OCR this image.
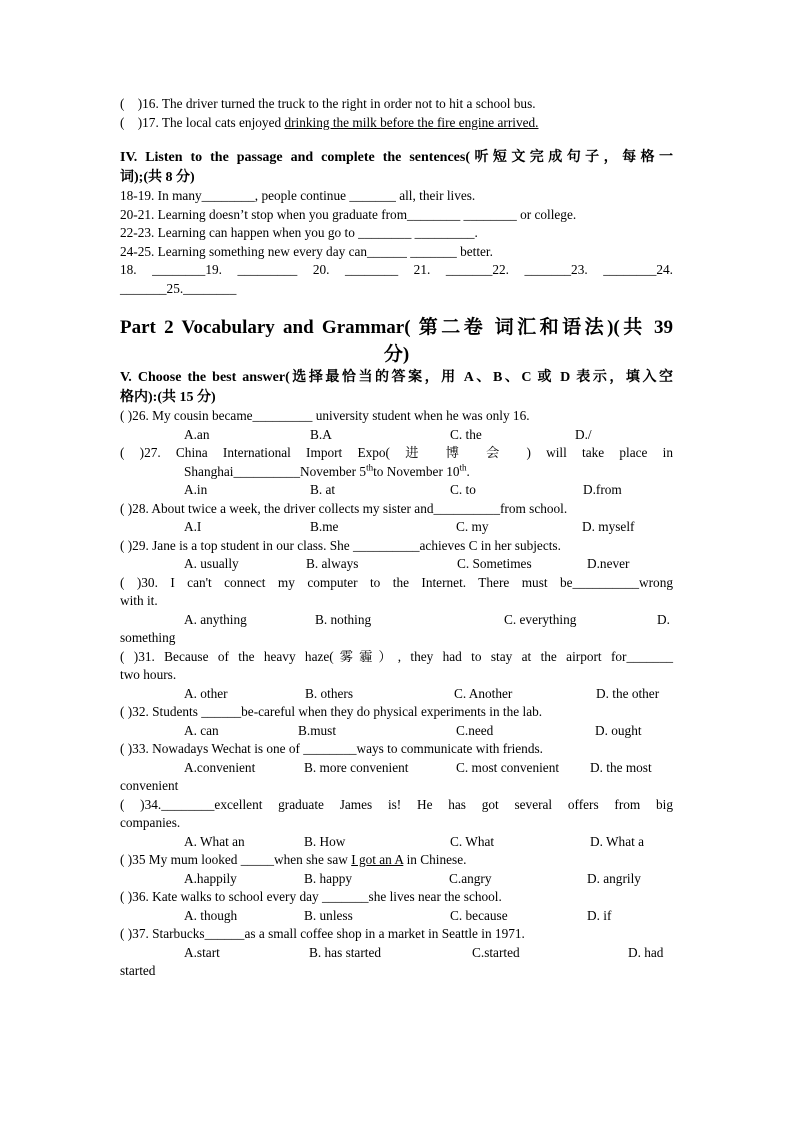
(    )16. The driver turned the truck to the right in order not to hit a school bus.
(    )17. The local cats enjoyed drinking the milk before the fire engine arrived.
IV. Listen to the passage and complete the sentences(听短文完成句子，每格一
词);(共 8 分)
18-19. In many________, people continue _______ all, their lives.
20-21. Learning doesn’t stop when you graduate from________ ________ or college.
22-23. Learning can happen when you go to ________ _________.
24-25. Learning something new every day can______ _______ better.
18. ________19. _________ 20. ________ 21. _______22. _______23. ________24.
_______25.________
Part 2 Vocabulary and Grammar( 第二卷 词汇和语法)(共 39
分)
V. Choose the best answer(选择最恰当的答案，用 A、B、C 或 D 表示，填入空
格内):(共 15 分)
( )26. My cousin became_________ university student when he was only 16.
A.an	B.A	C. the	D./
( )27. China International Import Expo( 进 博 会 ) will take place in
Shanghai__________November 5thto November 10th.
A.in	B. at	C. to	D.from
( )28. About twice a week, the driver collects my sister and__________from school.
A.I	B.me	C. my	D. myself
( )29. Jane is a top student in our class. She __________achieves C in her subjects.
A. usually	B. always	C. Sometimes	D.never
( )30. I can't connect my computer to the Internet. There must be__________wrong
with it.
A. anything	B. nothing	C. everything	D.
something
( )31. Because of the heavy haze(雾霾）, they had to stay at the airport for_______
two hours.
A. other	B. others	C. Another	D. the other
( )32. Students ______be-careful when they do physical experiments in the lab.
A. can	B.must	C.need	D. ought
( )33. Nowadays Wechat is one of ________ways to communicate with friends.
A.convenient	B. more convenient	C. most convenient D. the most
convenient
( )34.________excellent graduate James is! He has got several offers from big
companies.
A. What an	B. How	C. What	D. What a
( )35 My mum looked _____when she saw I got an A in Chinese.
A.happily	B. happy	C.angry	D. angrily
( )36. Kate walks to school every day _______she lives near the school.
A. though	B. unless	C. because	D. if
( )37. Starbucks______as a small coffee shop in a market in Seattle in 1971.
A.start	B. has started	C.started	D. had
started
